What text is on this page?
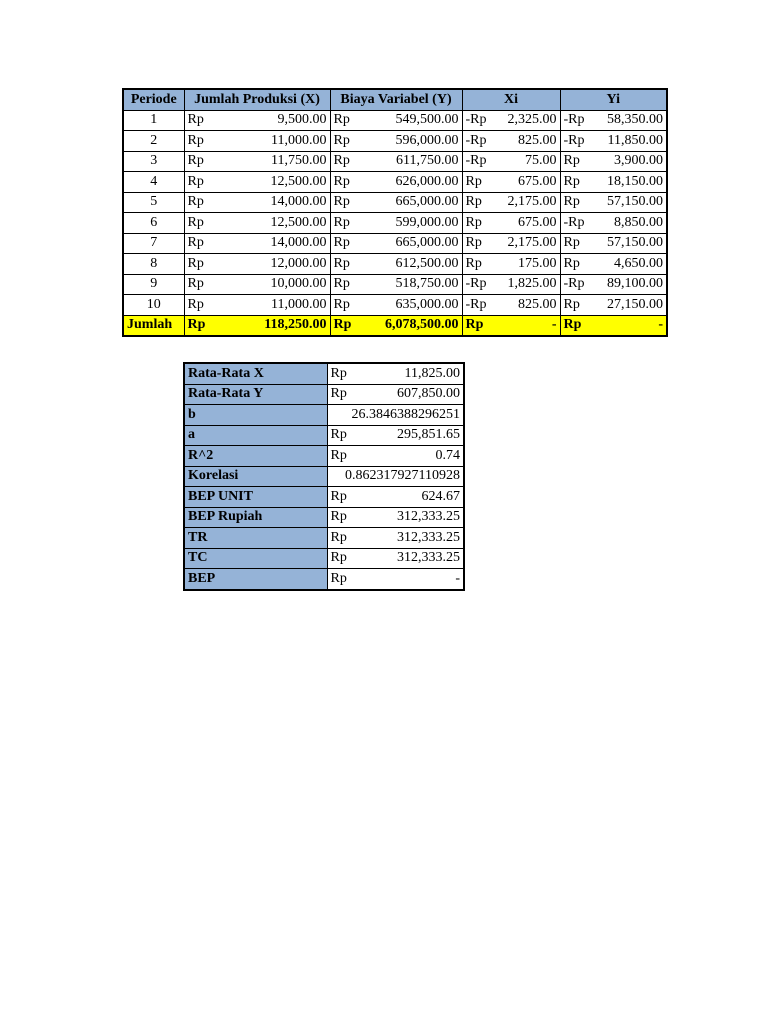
Periode	Jumlah Produksi (X)		Biaya Variabel (Y)		Xi		Yi	
1	Rp	9,500.00	Rp	549,500.00	-Rp	2,325.00	-Rp	58,350.00
2	Rp	11,000.00	Rp	596,000.00	-Rp	825.00	-Rp	11,850.00
3	Rp	11,750.00	Rp	611,750.00	-Rp	75.00	Rp	3,900.00
4	Rp	12,500.00	Rp	626,000.00	Rp	675.00	Rp	18,150.00
5	Rp	14,000.00	Rp	665,000.00	Rp	2,175.00	Rp	57,150.00
6	Rp	12,500.00	Rp	599,000.00	Rp	675.00	-Rp	8,850.00
7	Rp	14,000.00	Rp	665,000.00	Rp	2,175.00	Rp	57,150.00
8	Rp	12,000.00	Rp	612,500.00	Rp	175.00	Rp	4,650.00
9	Rp	10,000.00	Rp	518,750.00	-Rp	1,825.00	-Rp	89,100.00
10	Rp	11,000.00	Rp	635,000.00	-Rp	825.00	Rp	27,150.00
Jumlah	Rp	118,250.00	Rp	6,078,500.00	Rp	-	Rp	-
Rata-Rata X	Rp	11,825.00
Rata-Rata Y	Rp	607,850.00
b	26.3846388296251	
a	Rp	295,851.65
R^2	Rp	0.74
Korelasi	0.862317927110928	
BEP UNIT	Rp	624.67
BEP Rupiah	Rp	312,333.25
TR	Rp	312,333.25
TC	Rp	312,333.25
BEP	Rp	-
